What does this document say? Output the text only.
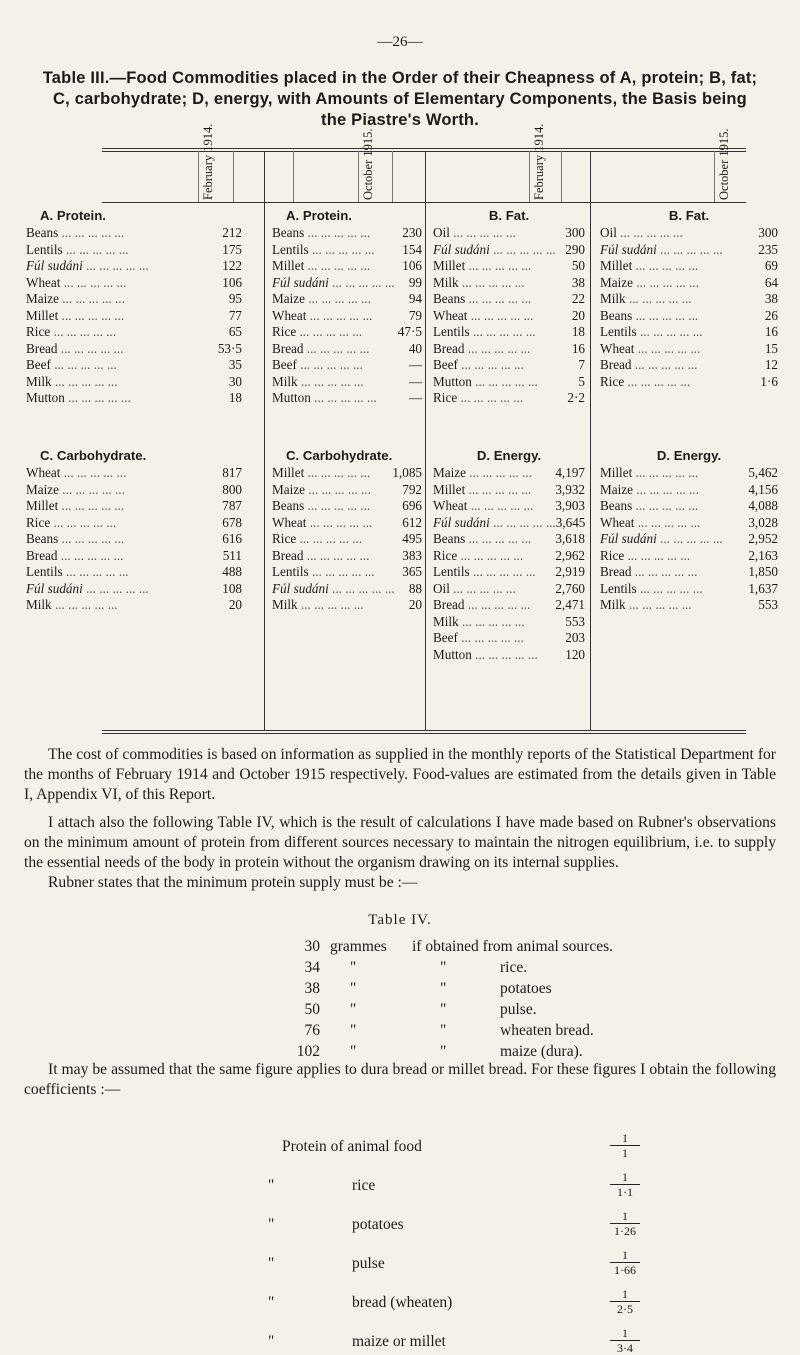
—26—
Table III.—Food Commodities placed in the Order of their Cheapness of A, protein; B, fat; C, carbohydrate; D, energy, with Amounts of Elementary Components, the Basis being the Piastre's Worth.
February 1914.	October 1915.	February 1914.	October 1915.
A. Protein.
Beans ... ... ... ... ...	212
Lentils ... ... ... ... ...	175
Fúl sudáni ... ... ... ... ...	122
Wheat ... ... ... ... ...	106
Maize ... ... ... ... ...	95
Millet ... ... ... ... ...	77
Rice ... ... ... ... ...	65
Bread ... ... ... ... ...	53·5
Beef ... ... ... ... ...	35
Milk ... ... ... ... ...	30
Mutton ... ... ... ... ...	18
C. Carbohydrate.
Wheat ... ... ... ... ...	817
Maize ... ... ... ... ...	800
Millet ... ... ... ... ...	787
Rice ... ... ... ... ...	678
Beans ... ... ... ... ...	616
Bread ... ... ... ... ...	511
Lentils ... ... ... ... ...	488
Fúl sudáni ... ... ... ... ...	108
Milk ... ... ... ... ...	20
A. Protein.
Beans ... ... ... ... ...	230
Lentils ... ... ... ... ...	154
Millet ... ... ... ... ...	106
Fúl sudáni ... ... ... ... ...	99
Maize ... ... ... ... ...	94
Wheat ... ... ... ... ...	79
Rice ... ... ... ... ...	47·5
Bread ... ... ... ... ...	40
Beef ... ... ... ... ...	—
Milk ... ... ... ... ...	—
Mutton ... ... ... ... ...	—
C. Carbohydrate.
Millet ... ... ... ... ...	1,085
Maize ... ... ... ... ...	792
Beans ... ... ... ... ...	696
Wheat ... ... ... ... ...	612
Rice ... ... ... ... ...	495
Bread ... ... ... ... ...	383
Lentils ... ... ... ... ...	365
Fúl sudáni ... ... ... ... ...	88
Milk ... ... ... ... ...	20
B. Fat.
Oil ... ... ... ... ...	300
Fúl sudáni ... ... ... ... ... 290
Millet ... ... ... ... ...	50
Milk ... ... ... ... ...	38
Beans ... ... ... ... ...	22
Wheat ... ... ... ... ...	20
Lentils ... ... ... ... ...	18
Bread ... ... ... ... ...	16
Beef ... ... ... ... ...	7
Mutton ... ... ... ... ...	5
Rice ... ... ... ... ...	2·2
D. Energy.
Maize ... ... ... ... ...	4,197
Millet ... ... ... ... ...	3,932
Wheat ... ... ... ... ...	3,903
Fúl sudáni ... ... ... ... ... 3,645
Beans ... ... ... ... ...	3,618
Rice ... ... ... ... ...	2,962
Lentils ... ... ... ... ...	2,919
Oil ... ... ... ... ...	2,760
Bread ... ... ... ... ...	2,471
Milk ... ... ... ... ...	553
Beef ... ... ... ... ...	203
Mutton ... ... ... ... ...	120
B. Fat.
Oil ... ... ... ... ...	300
Fúl sudáni ... ... ... ... ...	235
Millet ... ... ... ... ...	69
Maize ... ... ... ... ...	64
Milk ... ... ... ... ...	38
Beans ... ... ... ... ...	26
Lentils ... ... ... ... ...	16
Wheat ... ... ... ... ...	15
Bread ... ... ... ... ...	12
Rice ... ... ... ... ...	1·6
D. Energy.
Millet ... ... ... ... ...	5,462
Maize ... ... ... ... ...	4,156
Beans ... ... ... ... ...	4,088
Wheat ... ... ... ... ...	3,028
Fúl sudáni ... ... ... ... ...	2,952
Rice ... ... ... ... ...	2,163
Bread ... ... ... ... ...	1,850
Lentils ... ... ... ... ...	1,637
Milk ... ... ... ... ...	553

The cost of commodities is based on information as supplied in the monthly reports of the Statistical Department for the months of February 1914 and October 1915 respectively. Food-values are estimated from the details given in Table I, Appendix VI, of this Report.

I attach also the following Table IV, which is the result of calculations I have made based on Rubner's observations on the minimum amount of protein from different sources necessary to maintain the nitrogen equilibrium, i.e. to supply the essential needs of the body in protein without the organism drawing on its internal supplies.

Rubner states that the minimum protein supply must be :—

Table IV.
30 grammes if obtained from animal sources.
34 "	"	rice.
38 "	"	potatoes
50 "	"	pulse.
76 "	"	wheaten bread.
102 "	"	maize (dura).

It may be assumed that the same figure applies to dura bread or millet bread. For these figures I obtain the following coefficients :—

Protein of animal food	1
1
"	rice	1
1·1
"	potatoes	1
1·26
"	pulse	1
1·66
"	bread (wheaten)	1
2·5
"	maize or millet	1
3·4
